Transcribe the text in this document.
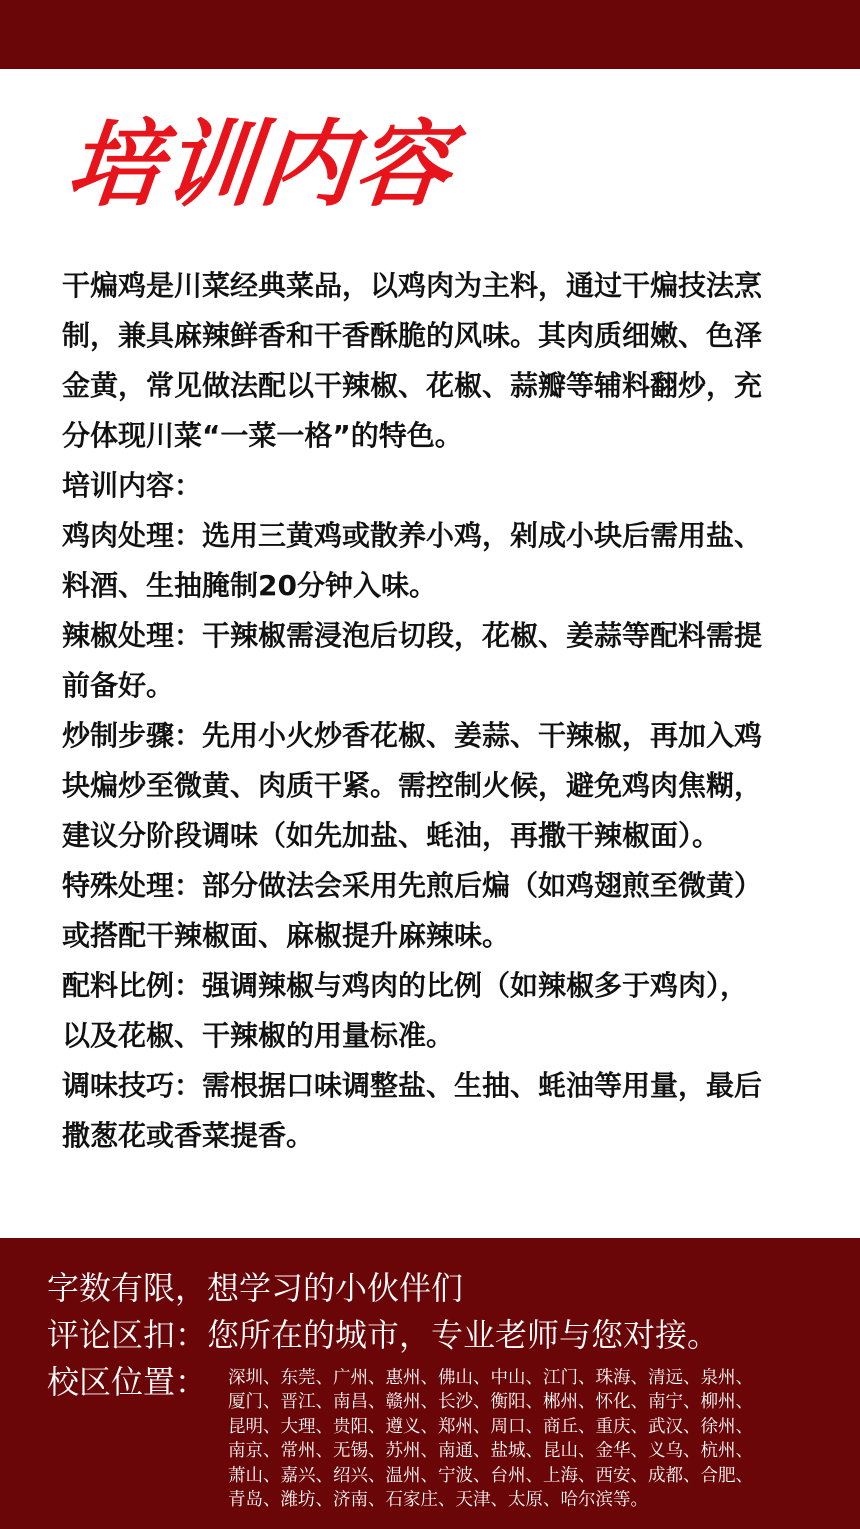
培训内容

干煸鸡是川菜经典菜品，以鸡肉为主料，通过干煸技法烹制，兼具麻辣鲜香和干香酥脆的风味。其肉质细嫩、色泽金黄，常见做法配以干辣椒、花椒、蒜瓣等辅料翻炒，充分体现川菜“一菜一格”的特色。

培训内容：

鸡肉处理：选用三黄鸡或散养小鸡，剁成小块后需用盐、料酒、生抽腌制20分钟入味。

辣椒处理：干辣椒需浸泡后切段，花椒、姜蒜等配料需提前备好。

炒制步骤：先用小火炒香花椒、姜蒜、干辣椒，再加入鸡块煸炒至微黄、肉质干紧。需控制火候，避免鸡肉焦糊，建议分阶段调味（如先加盐、蚝油，再撒干辣椒面）。

特殊处理：部分做法会采用先煎后煸（如鸡翅煎至微黄）或搭配干辣椒面、麻椒提升麻辣味。

配料比例：强调辣椒与鸡肉的比例（如辣椒多于鸡肉），以及花椒、干辣椒的用量标准。

调味技巧：需根据口味调整盐、生抽、蚝油等用量，最后撒葱花或香菜提香。

字数有限，想学习的小伙伴们

评论区扣：您所在的城市，专业老师与您对接。

校区位置： 深圳、东莞、广州、惠州、佛山、中山、江门、珠海、清远、泉州、
厦门、晋江、南昌、赣州、长沙、衡阳、郴州、怀化、南宁、柳州、
昆明、大理、贵阳、遵义、郑州、周口、商丘、重庆、武汉、徐州、
南京、常州、无锡、苏州、南通、盐城、昆山、金华、义乌、杭州、
萧山、嘉兴、绍兴、温州、宁波、台州、上海、西安、成都、合肥、
青岛、潍坊、济南、石家庄、天津、太原、哈尔滨等。
